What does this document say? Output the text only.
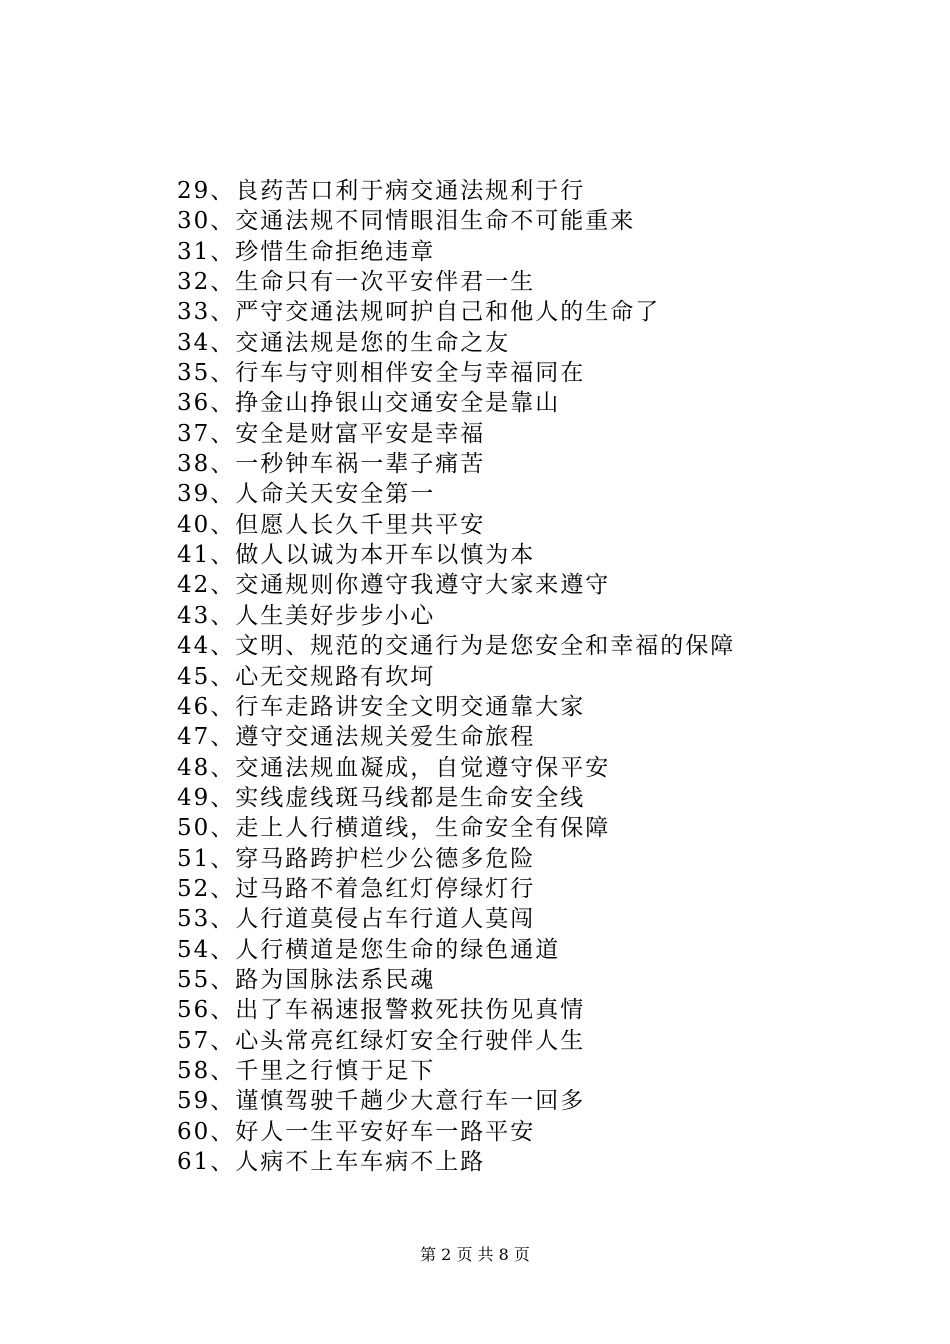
29、良药苦口利于病交通法规利于行
30、交通法规不同情眼泪生命不可能重来
31、珍惜生命拒绝违章
32、生命只有一次平安伴君一生
33、严守交通法规呵护自己和他人的生命了
34、交通法规是您的生命之友
35、行车与守则相伴安全与幸福同在
36、挣金山挣银山交通安全是靠山
37、安全是财富平安是幸福
38、一秒钟车祸一辈子痛苦
39、人命关天安全第一
40、但愿人长久千里共平安
41、做人以诚为本开车以慎为本
42、交通规则你遵守我遵守大家来遵守
43、人生美好步步小心
44、文明、规范的交通行为是您安全和幸福的保障
45、心无交规路有坎坷
46、行车走路讲安全文明交通靠大家
47、遵守交通法规关爱生命旅程
48、交通法规血凝成，自觉遵守保平安
49、实线虚线斑马线都是生命安全线
50、走上人行横道线，生命安全有保障
51、穿马路跨护栏少公德多危险
52、过马路不着急红灯停绿灯行
53、人行道莫侵占车行道人莫闯
54、人行横道是您生命的绿色通道
55、路为国脉法系民魂
56、出了车祸速报警救死扶伤见真情
57、心头常亮红绿灯安全行驶伴人生
58、千里之行慎于足下
59、谨慎驾驶千趟少大意行车一回多
60、好人一生平安好车一路平安
61、人病不上车车病不上路
第 2 页 共 8 页
